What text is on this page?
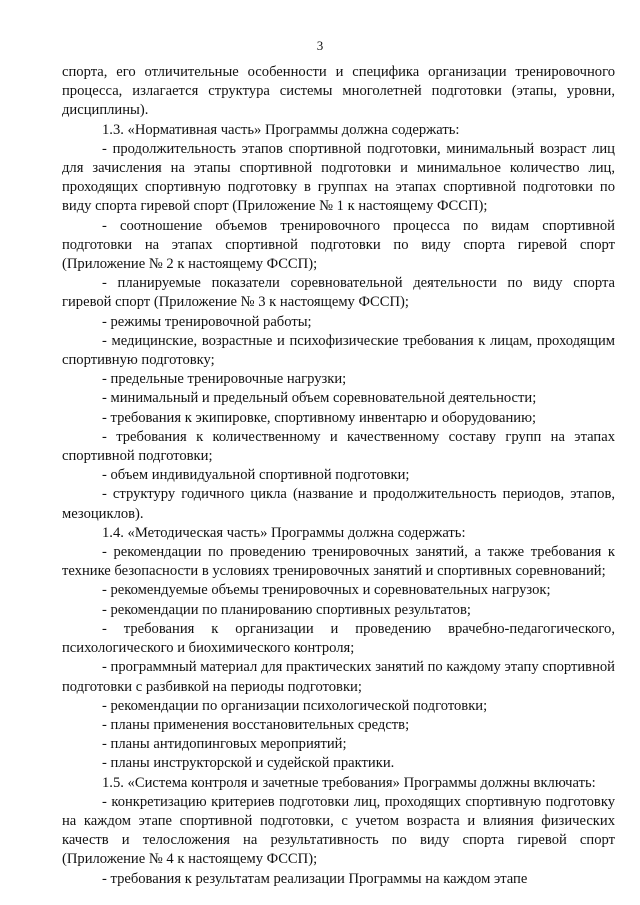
3

спорта, его отличительные особенности и специфика организации тренировочного процесса, излагается структура системы многолетней подготовки (этапы, уровни, дисциплины).

1.3. «Нормативная часть» Программы должна содержать:

- продолжительность этапов спортивной подготовки, минимальный возраст лиц для зачисления на этапы спортивной подготовки и минимальное количество лиц, проходящих спортивную подготовку в группах на этапах спортивной подготовки по виду спорта гиревой спорт (Приложение № 1 к настоящему ФССП);

- соотношение объемов тренировочного процесса по видам спортивной подготовки на этапах спортивной подготовки по виду спорта гиревой спорт (Приложение № 2 к настоящему ФССП);

- планируемые показатели соревновательной деятельности по виду спорта гиревой спорт (Приложение № 3 к настоящему ФССП);

- режимы тренировочной работы;

- медицинские, возрастные и психофизические требования к лицам, проходящим спортивную подготовку;

- предельные тренировочные нагрузки;

- минимальный и предельный объем соревновательной деятельности;

- требования к экипировке, спортивному инвентарю и оборудованию;

- требования к количественному и качественному составу групп на этапах спортивной подготовки;

- объем индивидуальной спортивной подготовки;

- структуру годичного цикла (название и продолжительность периодов, этапов, мезоциклов).

1.4. «Методическая часть» Программы должна содержать:

- рекомендации по проведению тренировочных занятий, а также требования к технике безопасности в условиях тренировочных занятий и спортивных соревнований;

- рекомендуемые объемы тренировочных и соревновательных нагрузок;

- рекомендации по планированию спортивных результатов;

- требования к организации и проведению врачебно-педагогического, психологического и биохимического контроля;

- программный материал для практических занятий по каждому этапу спортивной подготовки с разбивкой на периоды подготовки;

- рекомендации по организации психологической подготовки;

- планы применения восстановительных средств;

- планы антидопинговых мероприятий;

- планы инструкторской и судейской практики.

1.5. «Система контроля и зачетные требования» Программы должны включать:

- конкретизацию критериев подготовки лиц, проходящих спортивную подготовку на каждом этапе спортивной подготовки, с учетом возраста и влияния физических качеств и телосложения на результативность по виду спорта гиревой спорт (Приложение № 4 к настоящему ФССП);

- требования к результатам реализации Программы на каждом этапе
